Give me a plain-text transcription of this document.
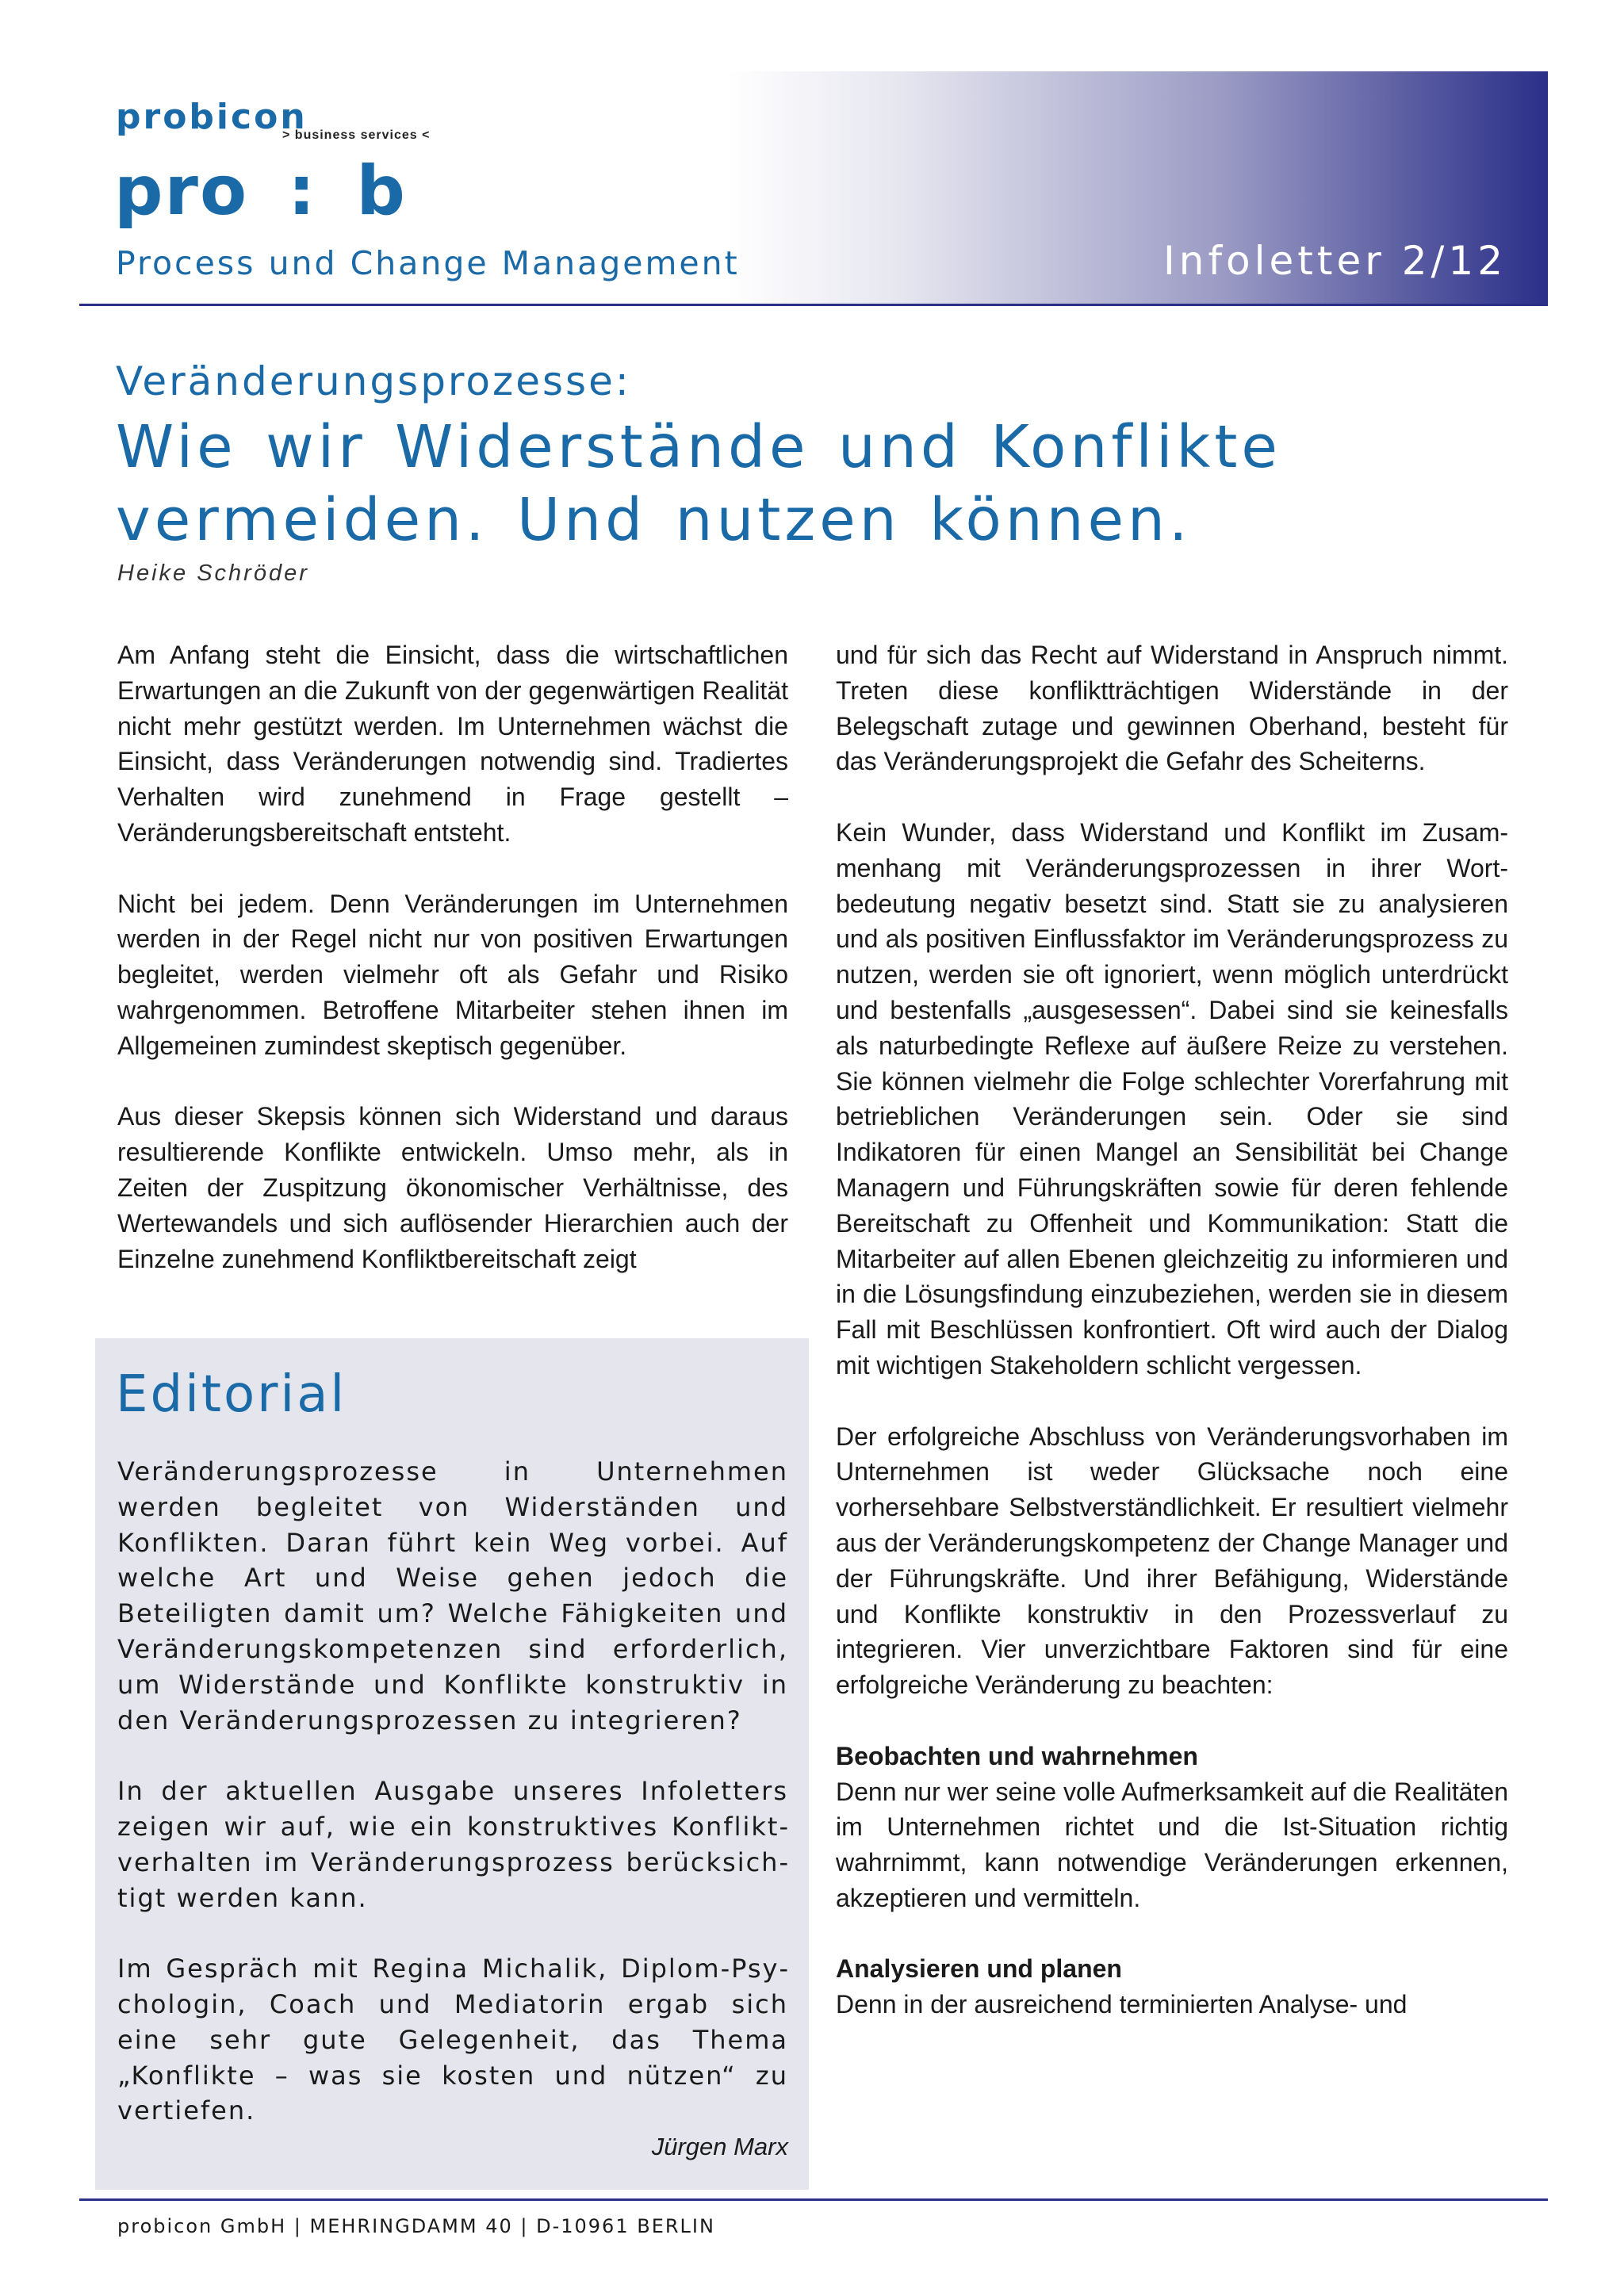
probicon
> business services <
pro : b
Process und Change Management	Infoletter 2/12
Veränderungsprozesse:
Wie wir Widerstände und Konflikte vermeiden. Und nutzen können.
Heike Schröder

Am Anfang steht die Einsicht, dass die wirtschaftlichen Erwartungen an die Zukunft von der gegenwärtigen Realität nicht mehr gestützt werden. Im Unternehmen wächst die Einsicht, dass Veränderungen notwendig sind. Tradiertes Verhalten wird zunehmend in Frage gestellt – Veränderungsbereitschaft entsteht.

Nicht bei jedem. Denn Veränderungen im Unternehmen werden in der Regel nicht nur von positiven Erwartungen begleitet, werden vielmehr oft als Gefahr und Risiko wahrgenommen. Betroffene Mitarbeiter stehen ihnen im Allgemeinen zumindest skeptisch gegenüber.

Aus dieser Skepsis können sich Widerstand und daraus resultierende Konflikte entwickeln. Umso mehr, als in Zeiten der Zuspitzung ökonomischer Verhältnisse, des Wertewandels und sich auflösender Hierarchien auch der Einzelne zunehmend Konfliktbereitschaft zeigt

Editorial

Veränderungsprozesse in Unternehmen werden begleitet von Widerständen und Konflikten. Daran führt kein Weg vorbei. Auf welche Art und Weise gehen jedoch die Beteiligten damit um? Welche Fähigkeiten und Veränderungskompetenzen sind erforderlich, um Widerstände und Konflikte konstruktiv in den Veränderungsprozessen zu integrieren?

In der aktuellen Ausgabe unseres Infoletters zeigen wir auf, wie ein konstruktives Konfliktverhalten im Veränderungsprozess berücksichtigt werden kann.

Im Gespräch mit Regina Michalik, Diplom-Psychologin, Coach und Mediatorin ergab sich eine sehr gute Gelegenheit, das Thema „Konflikte – was sie kosten und nützen“ zu vertiefen.

Jürgen Marx

und für sich das Recht auf Widerstand in Anspruch nimmt. Treten diese konfliktträchtigen Widerstände in der Belegschaft zutage und gewinnen Oberhand, besteht für das Veränderungsprojekt die Gefahr des Scheiterns.

Kein Wunder, dass Widerstand und Konflikt im Zusammenhang mit Veränderungsprozessen in ihrer Wortbedeutung negativ besetzt sind. Statt sie zu analysieren und als positiven Einflussfaktor im Veränderungsprozess zu nutzen, werden sie oft ignoriert, wenn möglich unterdrückt und bestenfalls „ausgesessen“. Dabei sind sie keinesfalls als naturbedingte Reflexe auf äußere Reize zu verstehen. Sie können vielmehr die Folge schlechter Vorerfahrung mit betrieblichen Veränderungen sein. Oder sie sind Indikatoren für einen Mangel an Sensibilität bei Change Managern und Führungskräften sowie für deren fehlende Bereitschaft zu Offenheit und Kommunikation: Statt die Mitarbeiter auf allen Ebenen gleichzeitig zu informieren und in die Lösungsfindung einzubeziehen, werden sie in diesem Fall mit Beschlüssen konfrontiert. Oft wird auch der Dialog mit wichtigen Stakeholdern schlicht vergessen.

Der erfolgreiche Abschluss von Veränderungsvorhaben im Unternehmen ist weder Glücksache noch eine vorhersehbare Selbstverständlichkeit. Er resultiert vielmehr aus der Veränderungskompetenz der Change Manager und der Führungskräfte. Und ihrer Befähigung, Widerstände und Konflikte konstruktiv in den Prozessverlauf zu integrieren. Vier unverzichtbare Faktoren sind für eine erfolgreiche Veränderung zu beachten:

Beobachten und wahrnehmen

Denn nur wer seine volle Aufmerksamkeit auf die Realitäten im Unternehmen richtet und die Ist-Situation richtig wahrnimmt, kann notwendige Veränderungen erkennen, akzeptieren und vermitteln.

Analysieren und planen

Denn in der ausreichend terminierten Analyse- und

probicon GmbH | MEHRINGDAMM 40 | D-10961 BERLIN
